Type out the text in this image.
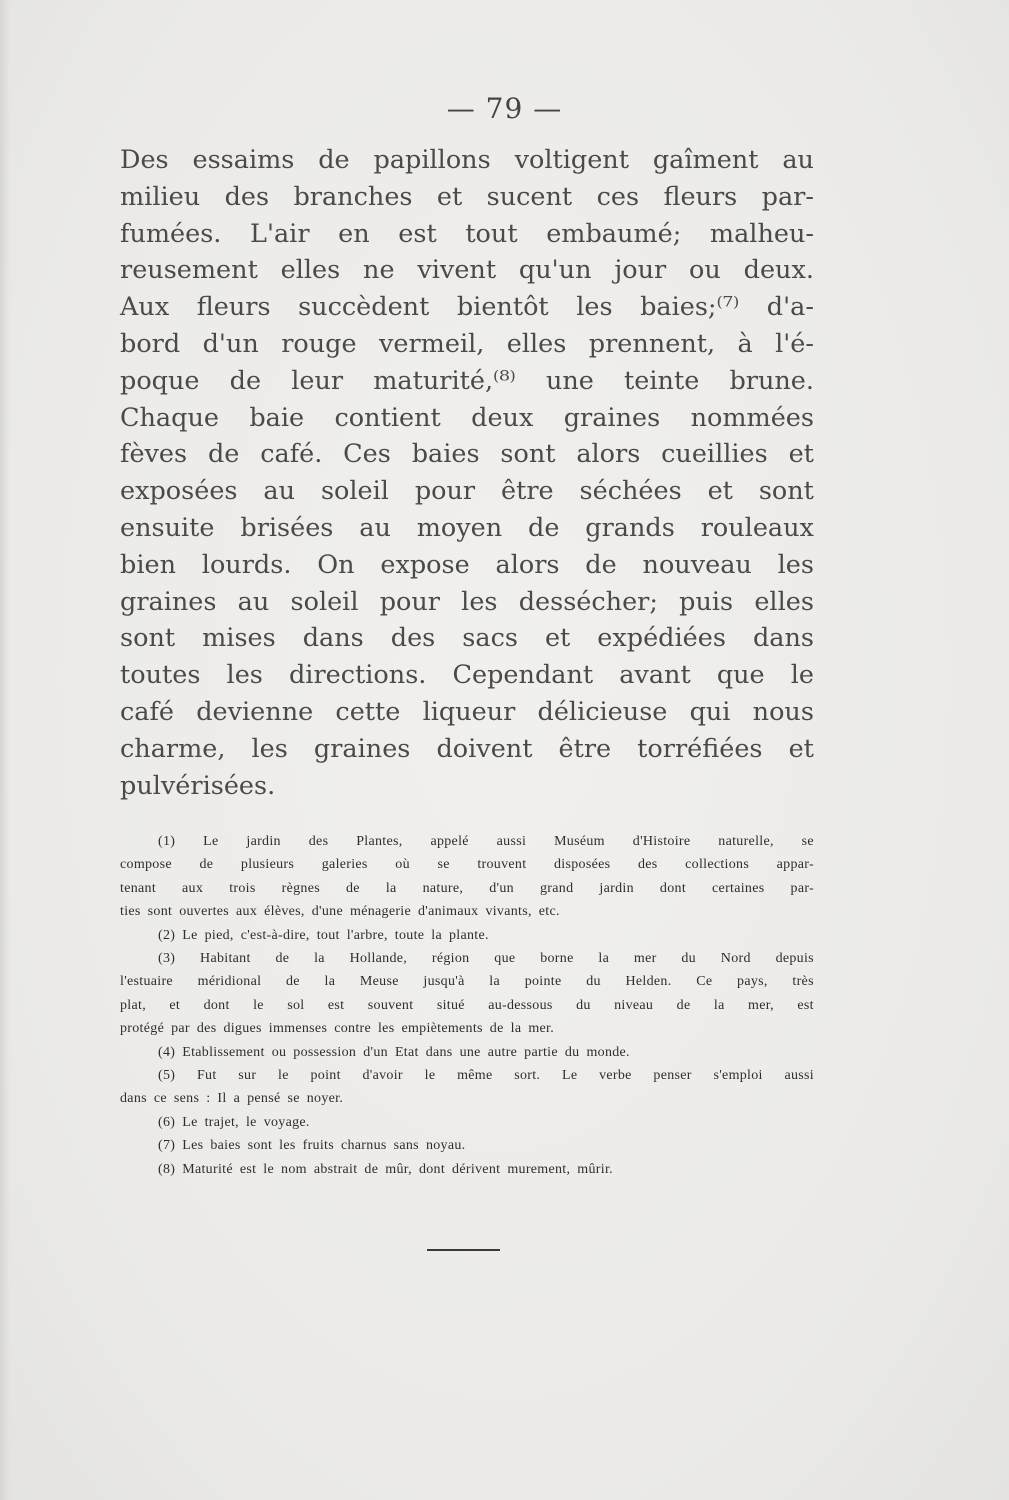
— 79 —
Des essaims de papillons voltigent gaîment au
milieu des branches et sucent ces fleurs par-
fumées. L'air en est tout embaumé; malheu-
reusement elles ne vivent qu'un jour ou deux.
Aux fleurs succèdent bientôt les baies;⁽⁷⁾ d'a-
bord d'un rouge vermeil, elles prennent, à l'é-
poque de leur maturité,⁽⁸⁾ une teinte brune.
Chaque baie contient deux graines nommées
fèves de café. Ces baies sont alors cueillies et
exposées au soleil pour être séchées et sont
ensuite brisées au moyen de grands rouleaux
bien lourds. On expose alors de nouveau les
graines au soleil pour les dessécher; puis elles
sont mises dans des sacs et expédiées dans
toutes les directions. Cependant avant que le
café devienne cette liqueur délicieuse qui nous
charme, les graines doivent être torréfiées et
pulvérisées.
(1) Le jardin des Plantes, appelé aussi Muséum d'Histoire naturelle, se
compose de plusieurs galeries où se trouvent disposées des collections appar-
tenant aux trois règnes de la nature, d'un grand jardin dont certaines par-
ties sont ouvertes aux élèves, d'une ménagerie d'animaux vivants, etc.
(2) Le pied, c'est-à-dire, tout l'arbre, toute la plante.
(3) Habitant de la Hollande, région que borne la mer du Nord depuis
l'estuaire méridional de la Meuse jusqu'à la pointe du Helden. Ce pays, très
plat, et dont le sol est souvent situé au-dessous du niveau de la mer, est
protégé par des digues immenses contre les empiètements de la mer.
(4) Etablissement ou possession d'un Etat dans une autre partie du monde.
(5) Fut sur le point d'avoir le même sort. Le verbe penser s'emploi aussi
dans ce sens : Il a pensé se noyer.
(6) Le trajet, le voyage.
(7) Les baies sont les fruits charnus sans noyau.
(8) Maturité est le nom abstrait de mûr, dont dérivent murement, mûrir.
